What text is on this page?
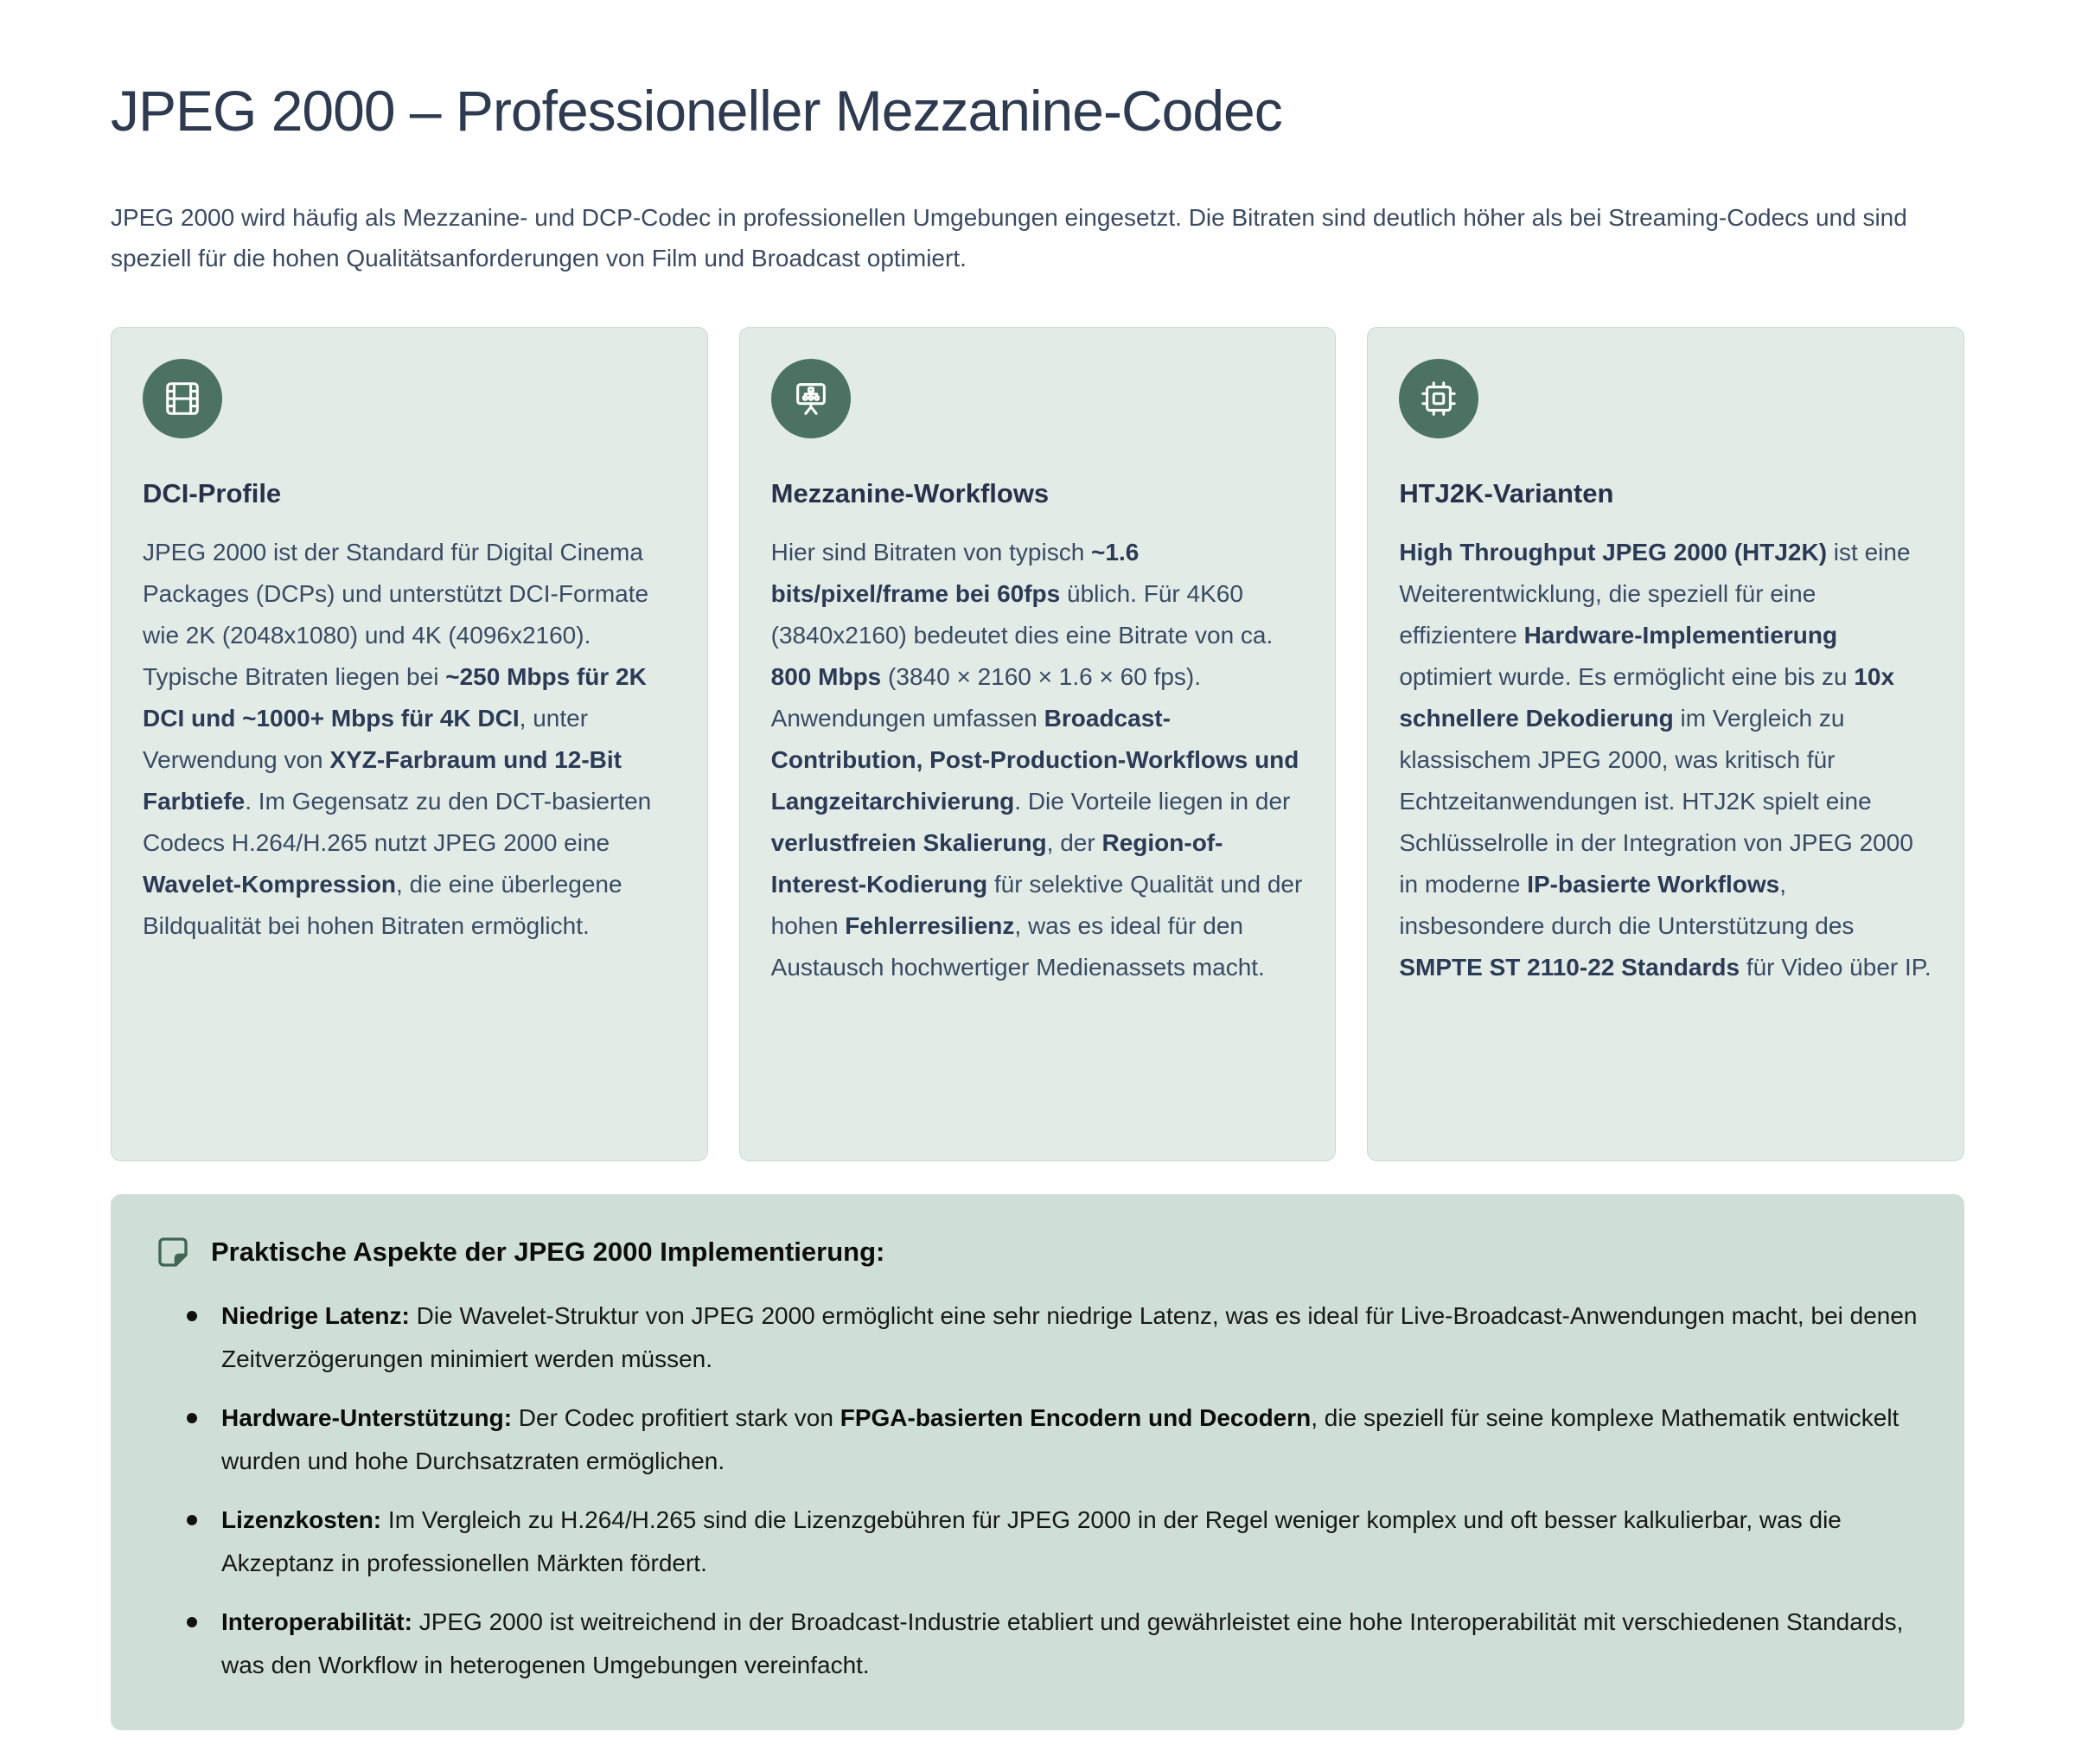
JPEG 2000 – Professioneller Mezzanine-Codec

JPEG 2000 wird häufig als Mezzanine- und DCP-Codec in professionellen Umgebungen eingesetzt. Die Bitraten sind deutlich höher als bei Streaming-Codecs und sind speziell für die hohen Qualitätsanforderungen von Film und Broadcast optimiert.

DCI-Profile

JPEG 2000 ist der Standard für Digital Cinema Packages (DCPs) und unterstützt DCI-Formate wie 2K (2048x1080) und 4K (4096x2160). Typische Bitraten liegen bei ~250 Mbps für 2K DCI und ~1000+ Mbps für 4K DCI, unter Verwendung von XYZ-Farbraum und 12-Bit Farbtiefe. Im Gegensatz zu den DCT-basierten Codecs H.264/H.265 nutzt JPEG 2000 eine Wavelet-Kompression, die eine überlegene Bildqualität bei hohen Bitraten ermöglicht.

Mezzanine-Workflows

Hier sind Bitraten von typisch ~1.6 bits/pixel/frame bei 60fps üblich. Für 4K60 (3840x2160) bedeutet dies eine Bitrate von ca. 800 Mbps (3840 × 2160 × 1.6 × 60 fps). Anwendungen umfassen Broadcast-Contribution, Post-Production-Workflows und Langzeitarchivierung. Die Vorteile liegen in der verlustfreien Skalierung, der Region-of-Interest-Kodierung für selektive Qualität und der hohen Fehlerresilienz, was es ideal für den Austausch hochwertiger Medienassets macht.

HTJ2K-Varianten

High Throughput JPEG 2000 (HTJ2K) ist eine Weiterentwicklung, die speziell für eine effizientere Hardware-Implementierung optimiert wurde. Es ermöglicht eine bis zu 10x schnellere Dekodierung im Vergleich zu klassischem JPEG 2000, was kritisch für Echtzeitanwendungen ist. HTJ2K spielt eine Schlüsselrolle in der Integration von JPEG 2000 in moderne IP-basierte Workflows, insbesondere durch die Unterstützung des SMPTE ST 2110-22 Standards für Video über IP.

Praktische Aspekte der JPEG 2000 Implementierung:
Niedrige Latenz: Die Wavelet-Struktur von JPEG 2000 ermöglicht eine sehr niedrige Latenz, was es ideal für Live-Broadcast-Anwendungen macht, bei denen Zeitverzögerungen minimiert werden müssen.
Hardware-Unterstützung: Der Codec profitiert stark von FPGA-basierten Encodern und Decodern, die speziell für seine komplexe Mathematik entwickelt wurden und hohe Durchsatzraten ermöglichen.
Lizenzkosten: Im Vergleich zu H.264/H.265 sind die Lizenzgebühren für JPEG 2000 in der Regel weniger komplex und oft besser kalkulierbar, was die Akzeptanz in professionellen Märkten fördert.
Interoperabilität: JPEG 2000 ist weitreichend in der Broadcast-Industrie etabliert und gewährleistet eine hohe Interoperabilität mit verschiedenen Standards, was den Workflow in heterogenen Umgebungen vereinfacht.
